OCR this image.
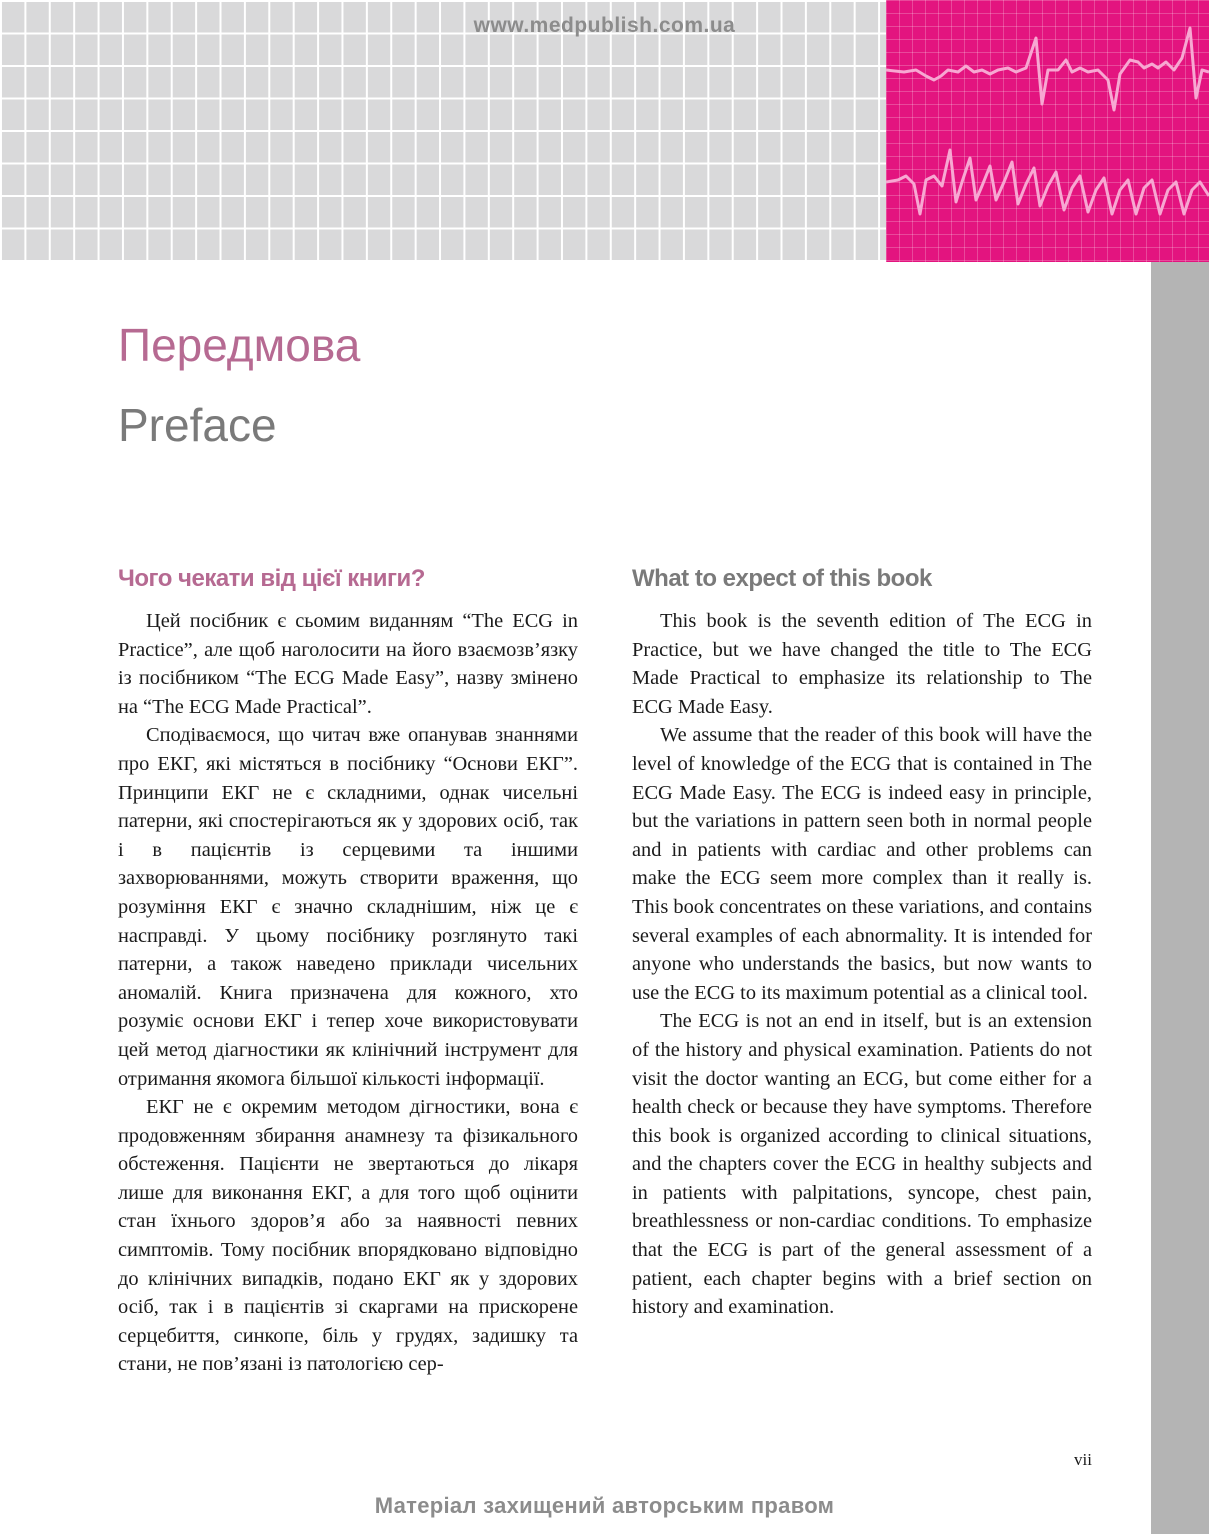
www.medpublish.com.ua
Передмова
Preface
Чого чекати від цієї книги?

Цей посібник є сьомим виданням “The ECG in Practice”, але щоб наголосити на його взаємозв’язку із посібником “The ECG Made Easy”, назву змінено на “The ECG Made Practical”.

Сподіваємося, що читач вже опанував знаннями про ЕКГ, які містяться в посібнику “Основи ЕКГ”. Принципи ЕКГ не є складними, однак чисельні патерни, які спостерігаються як у здорових осіб, так і в пацієнтів із серцевими та іншими захворюваннями, можуть створити враження, що розуміння ЕКГ є значно складнішим, ніж це є насправді. У цьому посібнику розглянуто такі патерни, а також наведено приклади чисельних аномалій. Книга призначена для кожного, хто розуміє основи ЕКГ і тепер хоче використовувати цей метод діагностики як клінічний інструмент для отримання якомога більшої кількості інформації.

ЕКГ не є окремим методом дігностики, вона є продовженням збирання анамнезу та фізикального обстеження. Пацієнти не звертаються до лікаря лише для виконання ЕКГ, а для того щоб оцінити стан їхнього здоров’я або за наявності певних симптомів. Тому посібник впорядковано відповідно до клінічних випадків, подано ЕКГ як у здорових осіб, так і в пацієнтів зі скаргами на прискорене серцебиття, синкопе, біль у грудях, задишку та стани, не пов’язані із патологією сер-

What to expect of this book

This book is the seventh edition of The ECG in Practice, but we have changed the title to The ECG Made Practical to emphasize its relationship to The ECG Made Easy.

We assume that the reader of this book will have the level of knowledge of the ECG that is contained in The ECG Made Easy. The ECG is indeed easy in principle, but the variations in pattern seen both in normal people and in patients with cardiac and other problems can make the ECG seem more complex than it really is. This book concentrates on these variations, and contains several examples of each abnormality. It is intended for anyone who understands the basics, but now wants to use the ECG to its maximum potential as a clinical tool.

The ECG is not an end in itself, but is an extension of the history and physical examination. Patients do not visit the doctor wanting an ECG, but come either for a health check or because they have symptoms. Therefore this book is organized according to clinical situations, and the chapters cover the ECG in healthy subjects and in patients with palpitations, syncope, chest pain, breathlessness or non-cardiac conditions. To emphasize that the ECG is part of the general assessment of a patient, each chapter begins with a brief section on history and examination.

vii
Матеріал захищений авторським правом
